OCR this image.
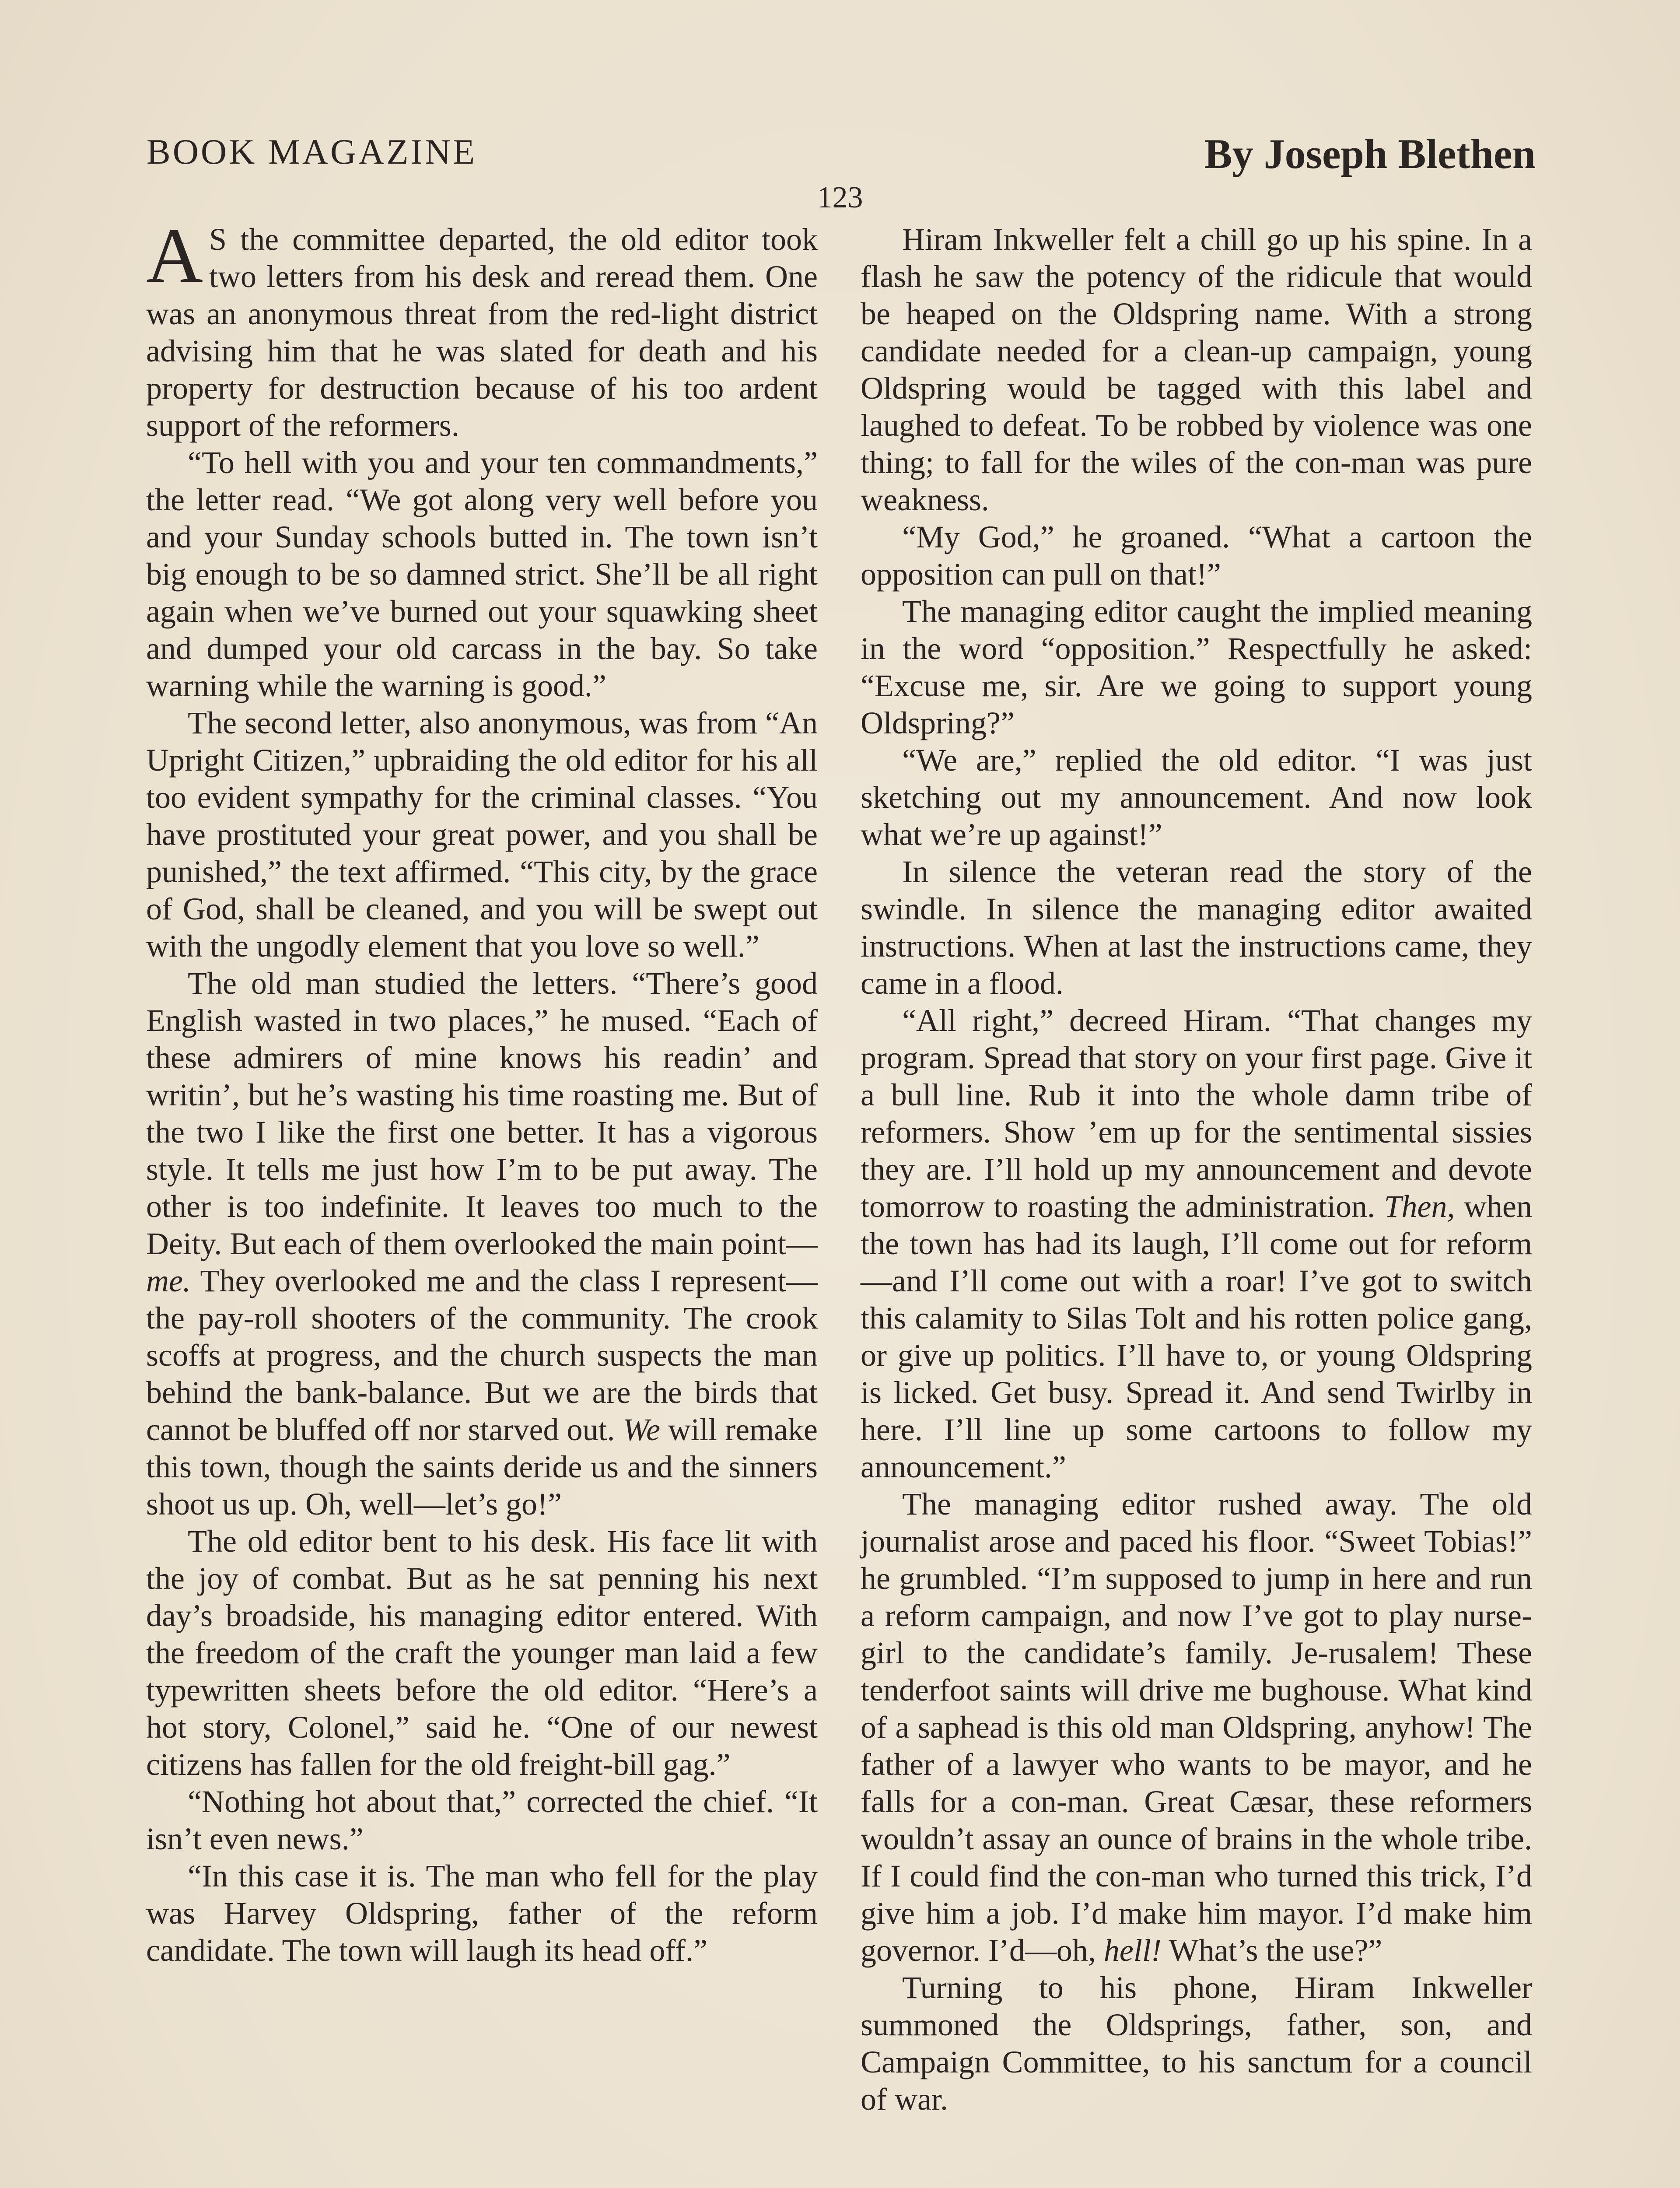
BOOK MAGAZINE	By Joseph Blethen
123

A S the committee departed, the old editor took two letters from his desk and reread them. One was an anonymous threat from the red-light district advising him that he was slated for death and his property for destruction because of his too ardent support of the reformers.

“To hell with you and your ten commandments,” the letter read. “We got along very well before you and your Sunday schools butted in. The town isn’t big enough to be so damned strict. She’ll be all right again when we’ve burned out your squawking sheet and dumped your old carcass in the bay. So take warning while the warning is good.”

The second letter, also anonymous, was from “An Upright Citizen,” upbraiding the old editor for his all too evident sympathy for the criminal classes. “You have prostituted your great power, and you shall be punished,” the text affirmed. “This city, by the grace of God, shall be cleaned, and you will be swept out with the ungodly element that you love so well.”

The old man studied the letters. “There’s good English wasted in two places,” he mused. “Each of these admirers of mine knows his readin’ and writin’, but he’s wasting his time roasting me. But of the two I like the first one better. It has a vigorous style. It tells me just how I’m to be put away. The other is too indefinite. It leaves too much to the Deity. But each of them overlooked the main point—me. They overlooked me and the class I represent—the pay-roll shooters of the community. The crook scoffs at progress, and the church suspects the man behind the bank-balance. But we are the birds that cannot be bluffed off nor starved out. We will remake this town, though the saints deride us and the sinners shoot us up. Oh, well—let’s go!”

The old editor bent to his desk. His face lit with the joy of combat. But as he sat penning his next day’s broadside, his managing editor entered. With the freedom of the craft the younger man laid a few typewritten sheets before the old editor. “Here’s a hot story, Colonel,” said he. “One of our newest citizens has fallen for the old freight-bill gag.”

“Nothing hot about that,” corrected the chief. “It isn’t even news.”

“In this case it is. The man who fell for the play was Harvey Oldspring, father of the reform candidate. The town will laugh its head off.”

Hiram Inkweller felt a chill go up his spine. In a flash he saw the potency of the ridicule that would be heaped on the Oldspring name. With a strong candidate needed for a clean-up campaign, young Oldspring would be tagged with this label and laughed to defeat. To be robbed by violence was one thing; to fall for the wiles of the con-man was pure weakness.

“My God,” he groaned. “What a cartoon the opposition can pull on that!”

The managing editor caught the implied meaning in the word “opposition.” Respectfully he asked: “Excuse me, sir. Are we going to support young Oldspring?”

“We are,” replied the old editor. “I was just sketching out my announcement. And now look what we’re up against!”

In silence the veteran read the story of the swindle. In silence the managing editor awaited instructions. When at last the instructions came, they came in a flood.

“All right,” decreed Hiram. “That changes my program. Spread that story on your first page. Give it a bull line. Rub it into the whole damn tribe of reformers. Show ’em up for the sentimental sissies they are. I’ll hold up my announcement and devote tomorrow to roasting the administration. Then, when the town has had its laugh, I’ll come out for reform—and I’ll come out with a roar! I’ve got to switch this calamity to Silas Tolt and his rotten police gang, or give up politics. I’ll have to, or young Oldspring is licked. Get busy. Spread it. And send Twirlby in here. I’ll line up some cartoons to follow my announcement.”

The managing editor rushed away. The old journalist arose and paced his floor. “Sweet Tobias!” he grumbled. “I’m supposed to jump in here and run a reform campaign, and now I’ve got to play nurse-girl to the candidate’s family. Je-rusalem! These tenderfoot saints will drive me bughouse. What kind of a saphead is this old man Oldspring, anyhow! The father of a lawyer who wants to be mayor, and he falls for a con-man. Great Cæsar, these reformers wouldn’t assay an ounce of brains in the whole tribe. If I could find the con-man who turned this trick, I’d give him a job. I’d make him mayor. I’d make him governor. I’d—oh, hell! What’s the use?”

Turning to his phone, Hiram Inkweller summoned the Oldsprings, father, son, and Campaign Committee, to his sanctum for a council of war.
